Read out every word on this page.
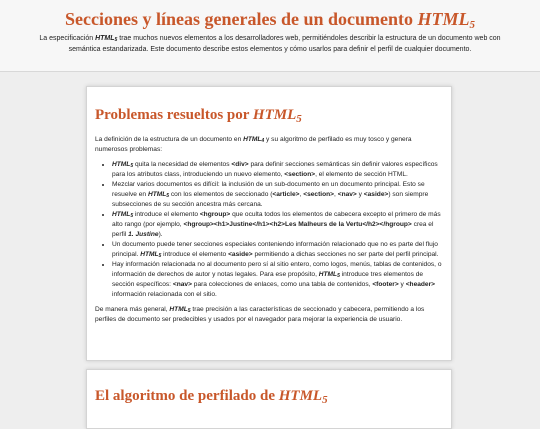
Secciones y líneas generales de un documento $HTML_5$

La especificación $HTML_5$ trae muchos nuevos elementos a los desarrolladores web, permitiéndoles describir la estructura de un documento web con semántica estandarizada. Este documento describe estos elementos y cómo usarlos para definir el perfil de cualquier documento.

Problemas resueltos por $HTML_5$

La definición de la estructura de un documento en $HTML_4$ y su algoritmo de perfilado es muy tosco y genera numerosos problemas:

• $HTML_5$ quita la necesidad de elementos <div> para definir secciones semánticas sin definir valores específicos para los atributos class, introduciendo un nuevo elemento, <section>, el elemento de sección HTML.
• Mezclar varios documentos es difícil: la inclusión de un sub-documento en un documento principal. Esto se resuelve en $HTML_5$ con los elementos de seccionado (<article>, <section>, <nav> y <aside>) son siempre subsecciones de su sección ancestra más cercana.
• $HTML_5$ introduce el elemento <hgroup> que oculta todos los elementos de cabecera excepto el primero de más alto rango (por ejemplo, <hgroup><h1>Justine</h1><h2>Les Malheurs de la Vertu</h2></hgroup> crea el perfil 1. Justine).
• Un documento puede tener secciones especiales conteniendo información relacionado que no es parte del flujo principal. $HTML_5$ introduce el elemento <aside> permitiendo a dichas secciones no ser parte del perfil principal.
• Hay información relacionada no al documento pero sí al sitio entero, como logos, menús, tablas de contenidos, o información de derechos de autor y notas legales. Para ese propósito, $HTML_5$ introduce tres elementos de sección específicos: <nav> para colecciones de enlaces, como una tabla de contenidos, <footer> y <header> información relacionada con el sitio.

De manera más general, $HTML_5$ trae precisión a las características de seccionado y cabecera, permitiendo a los perfiles de documento ser predecibles y usados por el navegador para mejorar la experiencia de usuario.

El algoritmo de perfilado de $HTML_5$
